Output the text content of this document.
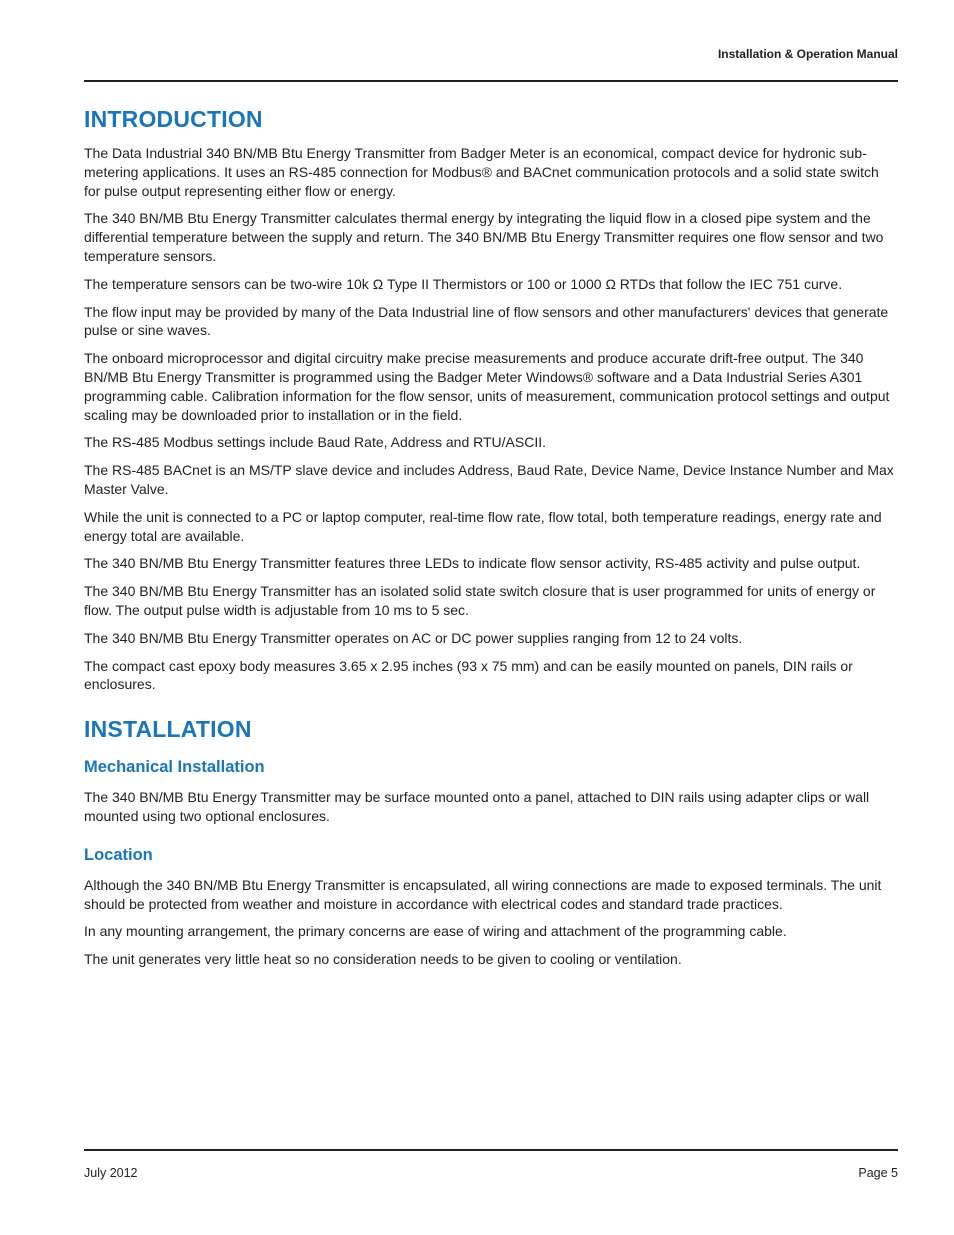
Installation & Operation Manual
INTRODUCTION

The Data Industrial 340 BN/MB Btu Energy Transmitter from Badger Meter is an economical, compact device for hydronic sub-metering applications. It uses an RS-485 connection for Modbus® and BACnet communication protocols and a solid state switch for pulse output representing either flow or energy.

The 340 BN/MB Btu Energy Transmitter calculates thermal energy by integrating the liquid flow in a closed pipe system and the differential temperature between the supply and return. The 340 BN/MB Btu Energy Transmitter requires one flow sensor and two temperature sensors.

The temperature sensors can be two-wire 10k Ω Type II Thermistors or 100 or 1000 Ω RTDs that follow the IEC 751 curve.

The flow input may be provided by many of the Data Industrial line of flow sensors and other manufacturers' devices that generate pulse or sine waves.

The onboard microprocessor and digital circuitry make precise measurements and produce accurate drift-free output. The 340 BN/MB Btu Energy Transmitter is programmed using the Badger Meter Windows® software and a Data Industrial Series A301 programming cable. Calibration information for the flow sensor, units of measurement, communication protocol settings and output scaling may be downloaded prior to installation or in the field.

The RS-485 Modbus settings include Baud Rate, Address and RTU/ASCII.

The RS-485 BACnet is an MS/TP slave device and includes Address, Baud Rate, Device Name, Device Instance Number and Max Master Valve.

While the unit is connected to a PC or laptop computer, real-time flow rate, flow total, both temperature readings, energy rate and energy total are available.

The 340 BN/MB Btu Energy Transmitter features three LEDs to indicate flow sensor activity, RS-485 activity and pulse output.

The 340 BN/MB Btu Energy Transmitter has an isolated solid state switch closure that is user programmed for units of energy or flow. The output pulse width is adjustable from 10 ms to 5 sec.

The 340 BN/MB Btu Energy Transmitter operates on AC or DC power supplies ranging from 12 to 24 volts.

The compact cast epoxy body measures 3.65 x 2.95 inches (93 x 75 mm) and can be easily mounted on panels, DIN rails or enclosures.

INSTALLATION
Mechanical Installation

The 340 BN/MB Btu Energy Transmitter may be surface mounted onto a panel, attached to DIN rails using adapter clips or wall mounted using two optional enclosures.

Location

Although the 340 BN/MB Btu Energy Transmitter is encapsulated, all wiring connections are made to exposed terminals. The unit should be protected from weather and moisture in accordance with electrical codes and standard trade practices.

In any mounting arrangement, the primary concerns are ease of wiring and attachment of the programming cable.

The unit generates very little heat so no consideration needs to be given to cooling or ventilation.

July 2012	Page 5
